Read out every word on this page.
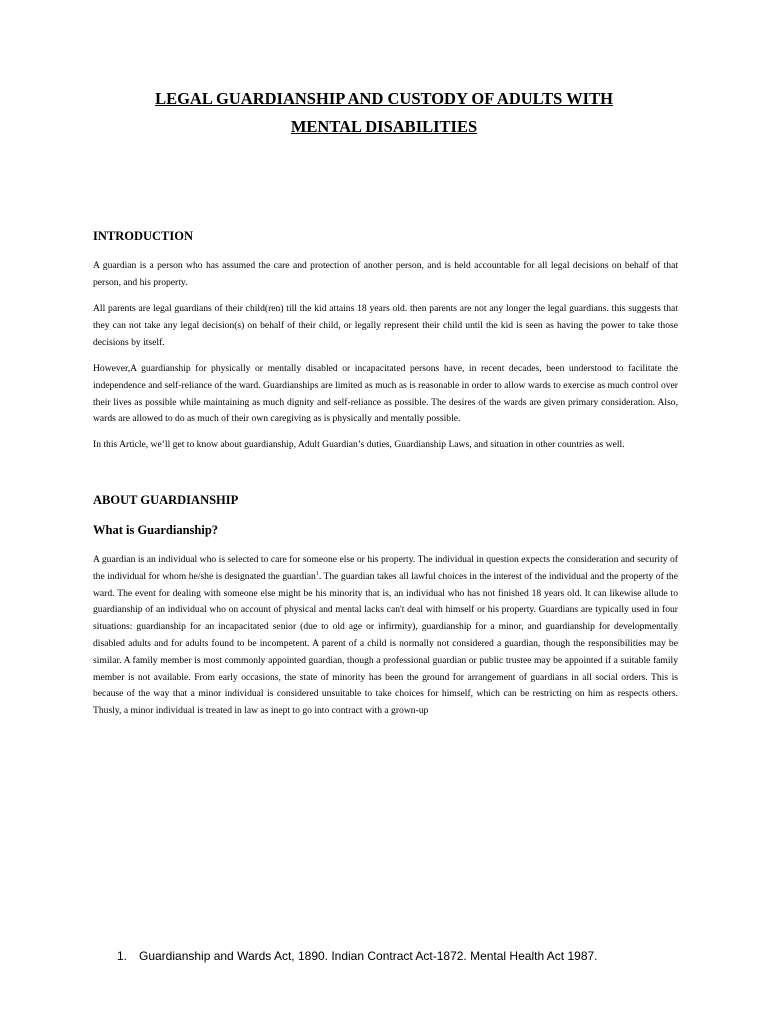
LEGAL GUARDIANSHIP AND CUSTODY OF ADULTS WITH
MENTAL DISABILITIES
INTRODUCTION

A guardian is a person who has assumed the care and protection of another person, and is held accountable for all legal decisions on behalf of that person, and his property.

All parents are legal guardians of their child(ren) till the kid attains 18 years old. then parents are not any longer the legal guardians. this suggests that they can not take any legal decision(s) on behalf of their child, or legally represent their child until the kid is seen as having the power to take those decisions by itself.

However,A guardianship for physically or mentally disabled or incapacitated persons have, in recent decades, been understood to facilitate the independence and self-reliance of the ward. Guardianships are limited as much as is reasonable in order to allow wards to exercise as much control over their lives as possible while maintaining as much dignity and self-reliance as possible. The desires of the wards are given primary consideration. Also, wards are allowed to do as much of their own caregiving as is physically and mentally possible.

In this Article, we’ll get to know about guardianship, Adult Guardian’s duties, Guardianship Laws, and situation in other countries as well.

ABOUT GUARDIANSHIP
What is Guardianship?

A guardian is an individual who is selected to care for someone else or his property. The individual in question expects the consideration and security of the individual for whom he/she is designated the guardian$^1$. The guardian takes all lawful choices in the interest of the individual and the property of the ward. The event for dealing with someone else might be his minority that is, an individual who has not finished 18 years old. It can likewise allude to guardianship of an individual who on account of physical and mental lacks can't deal with himself or his property. Guardians are typically used in four situations: guardianship for an incapacitated senior (due to old age or infirmity), guardianship for a minor, and guardianship for developmentally disabled adults and for adults found to be incompetent. A parent of a child is normally not considered a guardian, though the responsibilities may be similar. A family member is most commonly appointed guardian, though a professional guardian or public trustee may be appointed if a suitable family member is not available. From early occasions, the state of minority has been the ground for arrangement of guardians in all social orders. This is because of the way that a minor individual is considered unsuitable to take choices for himself, which can be restricting on him as respects others. Thusly, a minor individual is treated in law as inept to go into contract with a grown-up

1. Guardianship and Wards Act, 1890. Indian Contract Act-1872. Mental Health Act 1987.
